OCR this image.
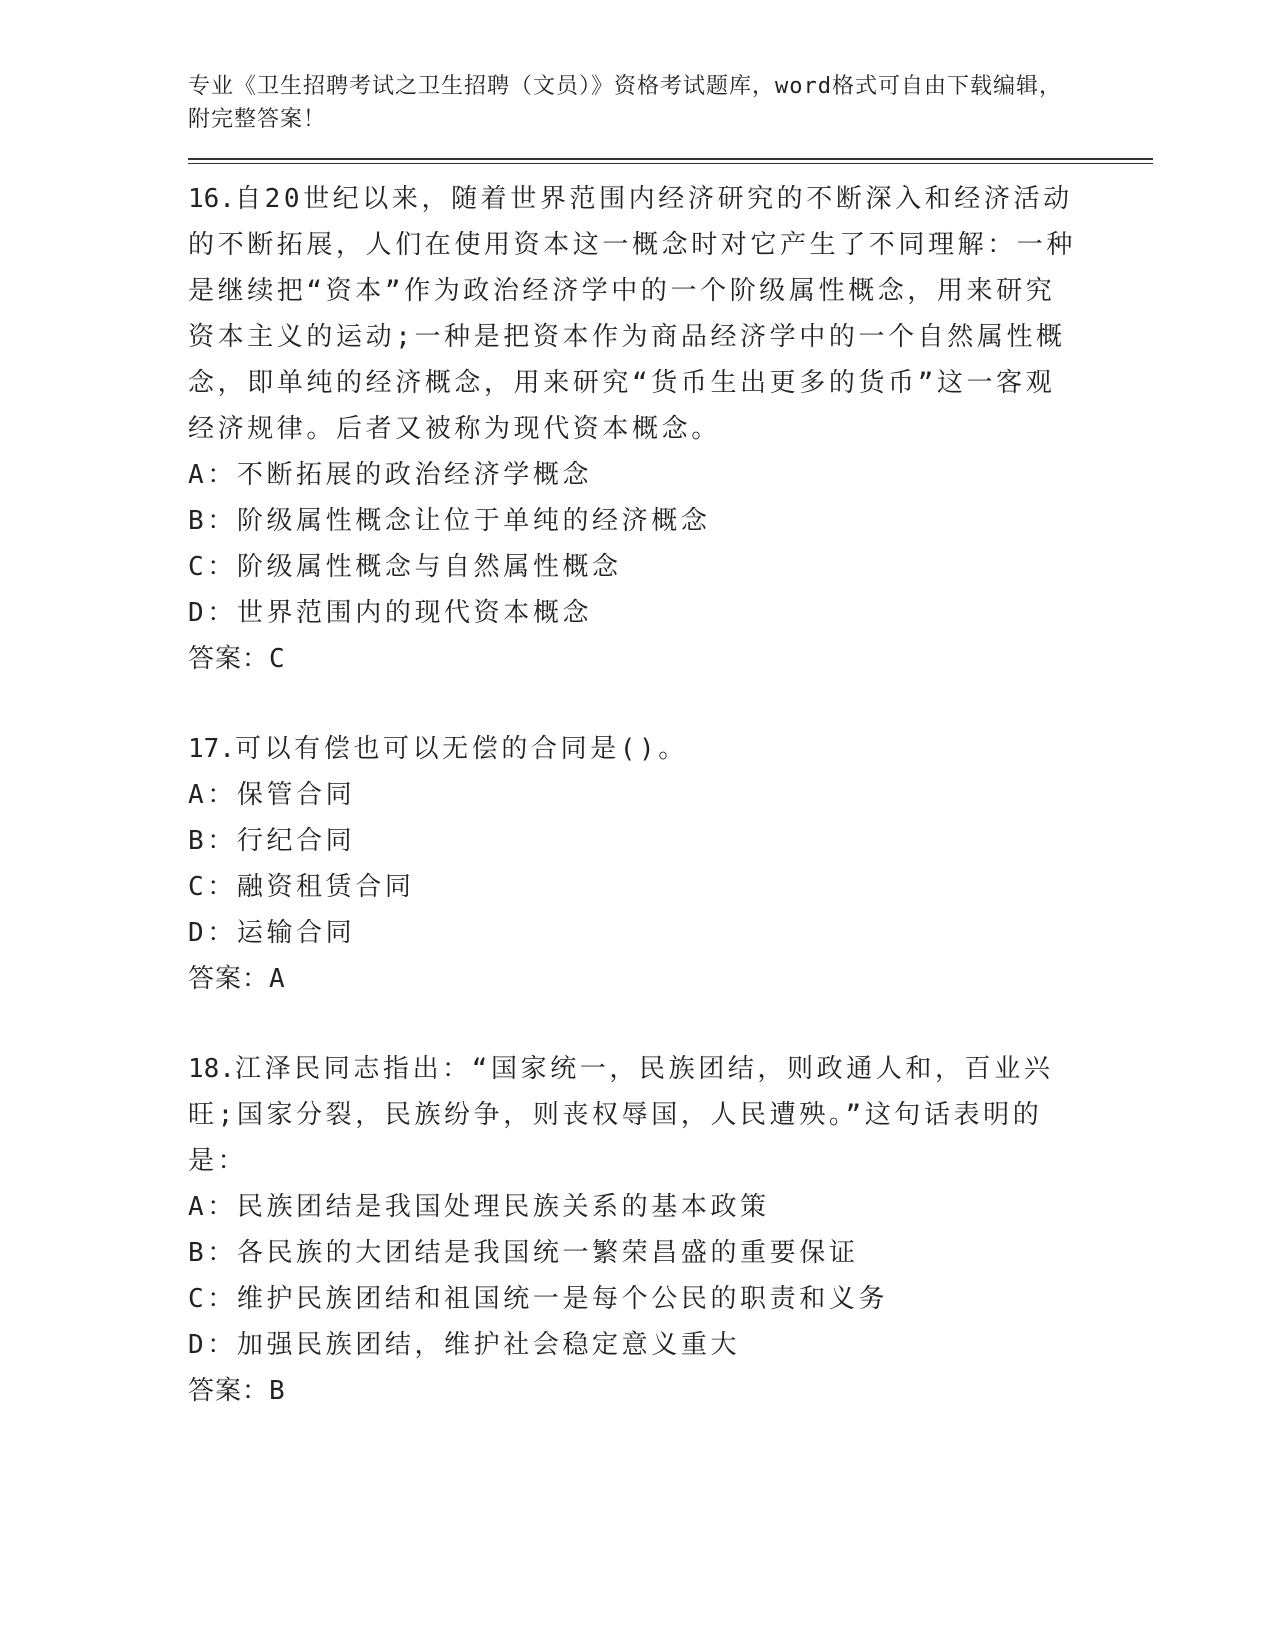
专业《卫生招聘考试之卫生招聘（文员）》资格考试题库，word格式可自由下载编辑，附完整答案！
16.自20世纪以来，随着世界范围内经济研究的不断深入和经济活动的不断拓展，人们在使用资本这一概念时对它产生了不同理解：一种是继续把“资本”作为政治经济学中的一个阶级属性概念，用来研究资本主义的运动;一种是把资本作为商品经济学中的一个自然属性概念，即单纯的经济概念，用来研究“货币生出更多的货币”这一客观经济规律。后者又被称为现代资本概念。
A：不断拓展的政治经济学概念
B：阶级属性概念让位于单纯的经济概念
C：阶级属性概念与自然属性概念
D：世界范围内的现代资本概念
答案：C
17.可以有偿也可以无偿的合同是()。
A：保管合同
B：行纪合同
C：融资租赁合同
D：运输合同
答案：A
18.江泽民同志指出：“国家统一，民族团结，则政通人和，百业兴旺;国家分裂，民族纷争，则丧权辱国，人民遭殃。”这句话表明的是：
A：民族团结是我国处理民族关系的基本政策
B：各民族的大团结是我国统一繁荣昌盛的重要保证
C：维护民族团结和祖国统一是每个公民的职责和义务
D：加强民族团结，维护社会稳定意义重大
答案：B
